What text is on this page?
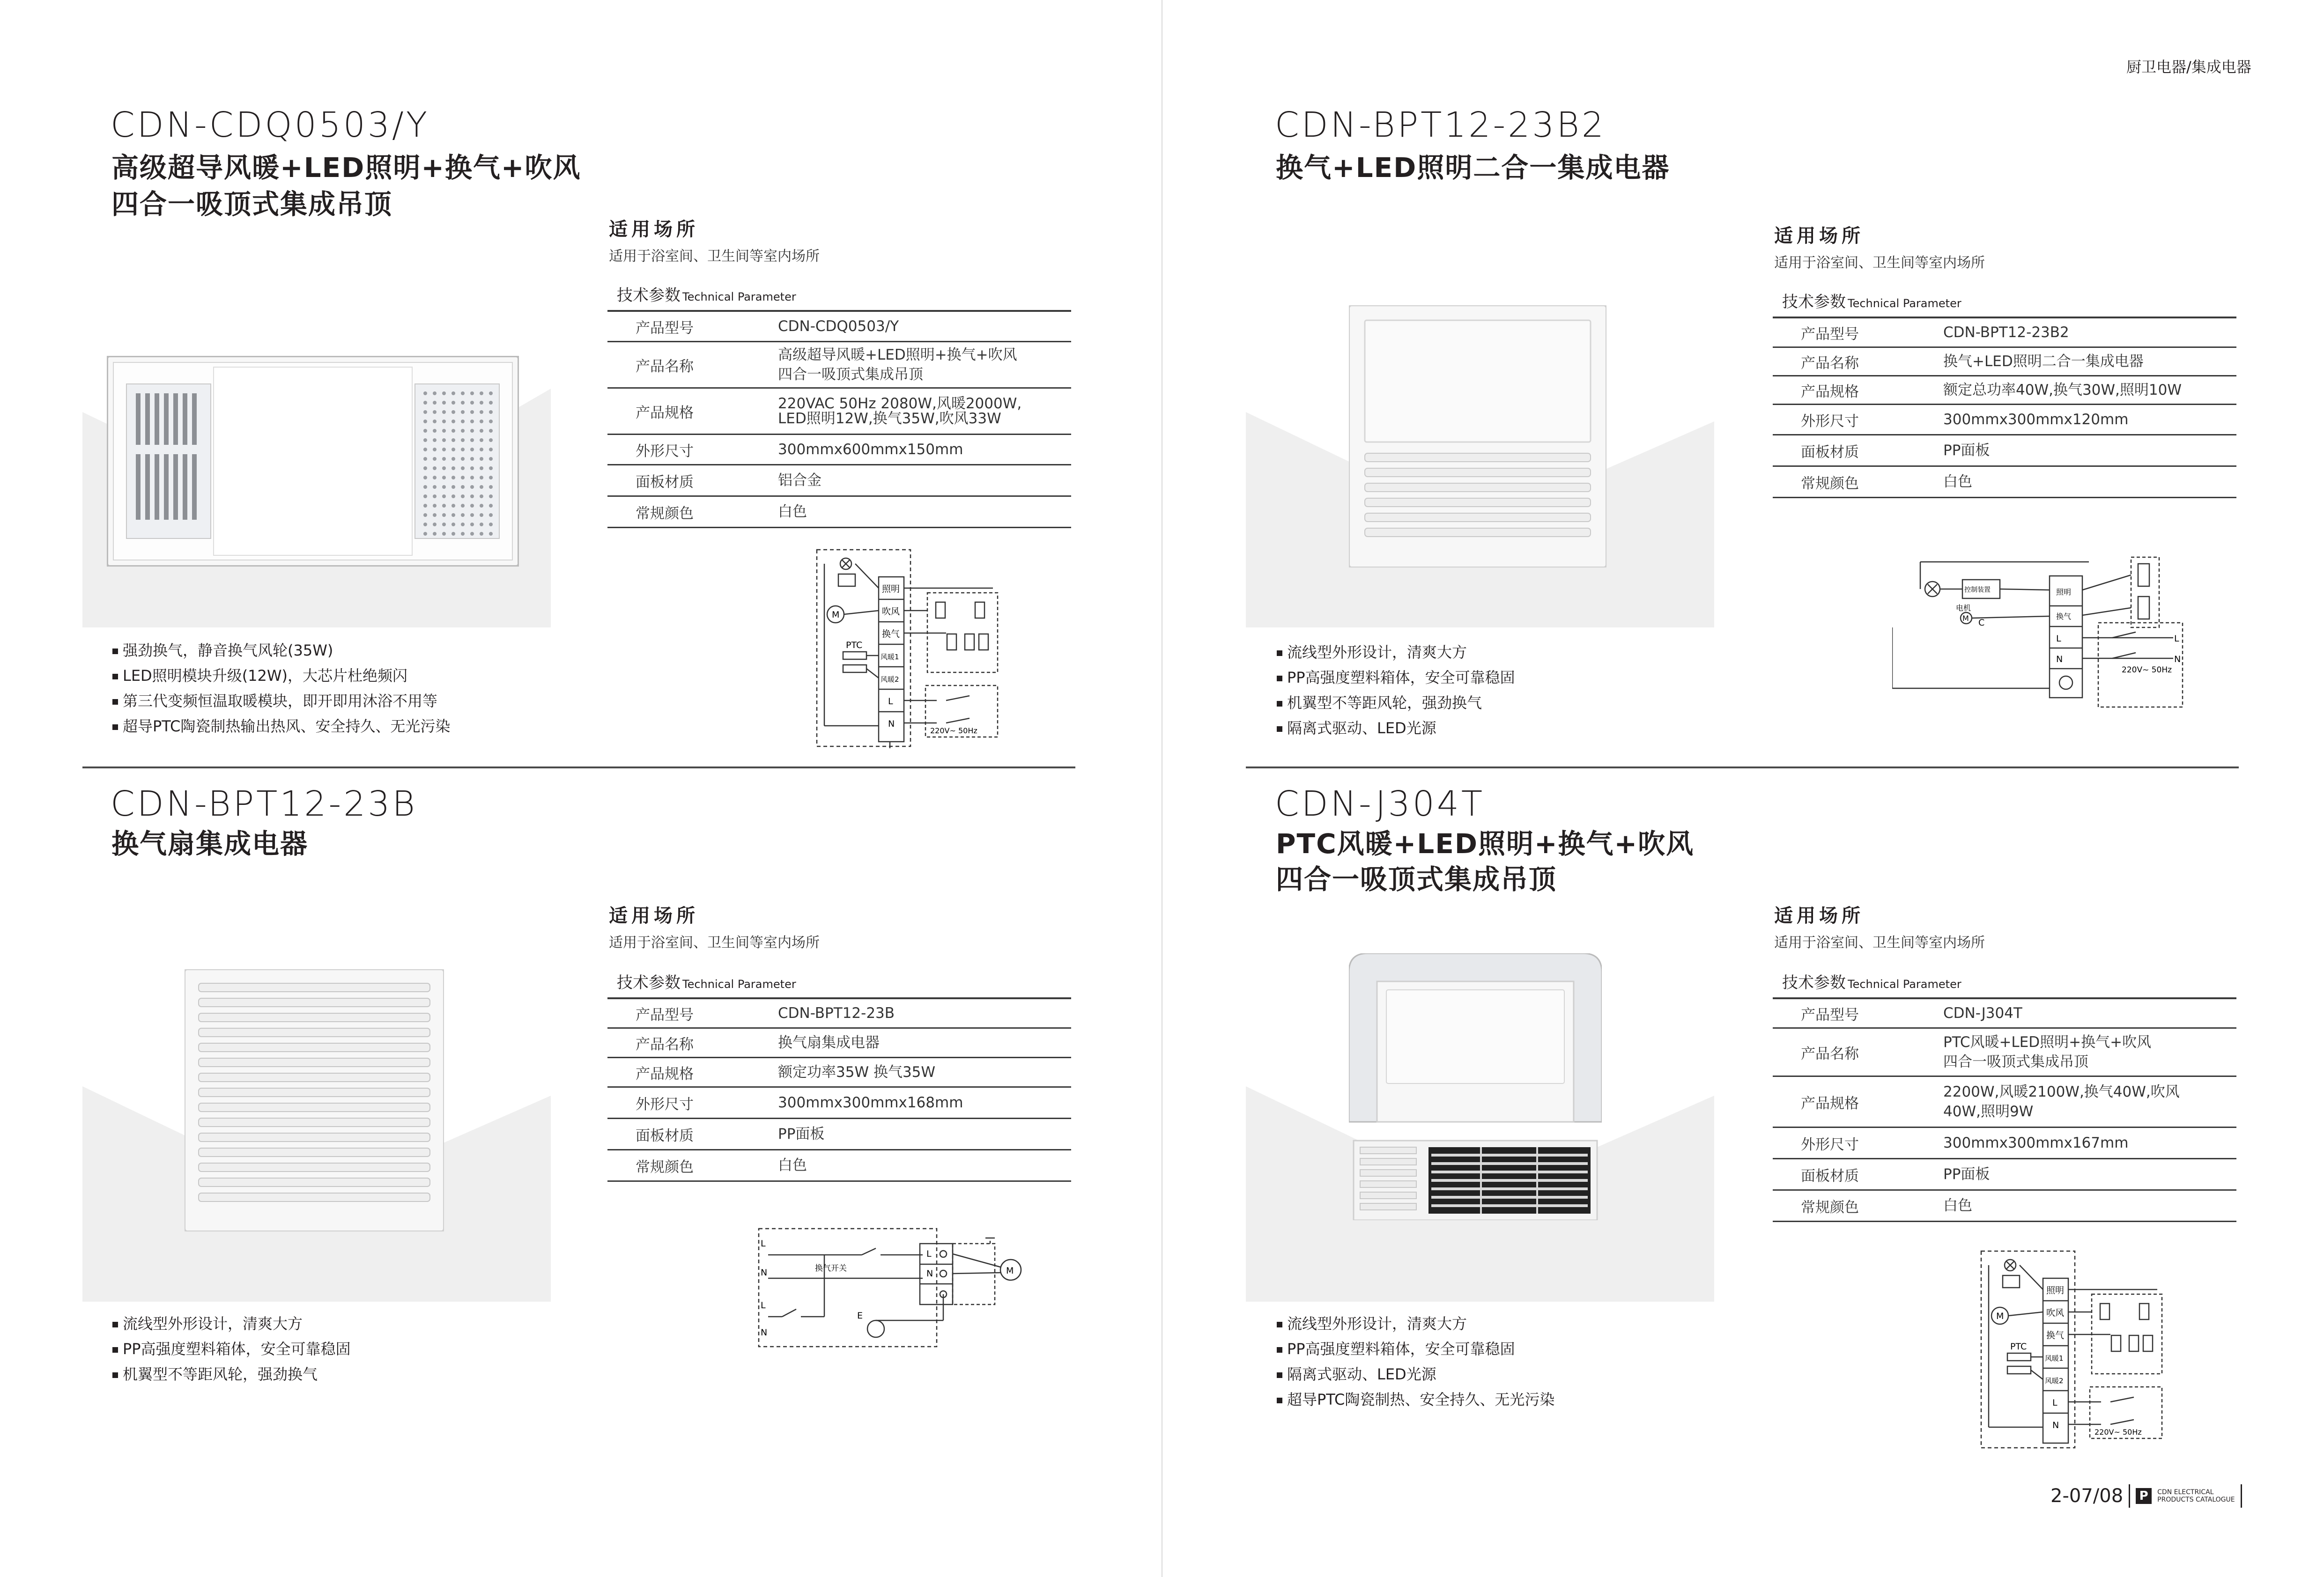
厨卫电器/集成电器
2-07/08 P	CDN ELECTRICAL
PRODUCTS CATALOGUE
CDN-CDQ0503/Y
高级超导风暖+LED照明+换气+吹风
四合一吸顶式集成吊顶
适用场所
适用于浴室间、卫生间等室内场所
技术参数 Technical Parameter
产品型号	CDN-CDQ0503/Y
产品名称
高级超导风暖+LED照明+换气+吹风
四合一吸顶式集成吊顶
产品规格
220VAC 50Hz 2080W,风暖2000W,
LED照明12W,换气35W,吹风33W
外形尺寸	300mmx600mmx150mm
面板材质	铝合金
常规颜色	白色
强劲换气，静音换气风轮(35W)
LED照明模块升级(12W)，大芯片杜绝频闪
第三代变频恒温取暖模块，即开即用沐浴不用等
超导PTC陶瓷制热输出热风、安全持久、无光污染
照明
吹风
换气
风暖1
风暖2
L
N
M
PTC
220V~ 50Hz
CDN-BPT12-23B2
换气+LED照明二合一集成电器
适用场所
适用于浴室间、卫生间等室内场所
技术参数 Technical Parameter
产品型号	CDN-BPT12-23B2
产品名称	换气+LED照明二合一集成电器
产品规格	额定总功率40W,换气30W,照明10W
外形尺寸	300mmx300mmx120mm
面板材质	PP面板
常规颜色	白色
流线型外形设计，清爽大方
PP高强度塑料箱体，安全可靠稳固
机翼型不等距风轮，强劲换气
隔离式驱动、LED光源
控制装置	照明
换气
电机
M C
L
N
L
N
220V~ 50Hz
CDN-BPT12-23B
换气扇集成电器
适用场所
适用于浴室间、卫生间等室内场所
技术参数 Technical Parameter
产品型号	CDN-BPT12-23B
产品名称	换气扇集成电器
产品规格	额定功率35W 换气35W
外形尺寸	300mmx300mmx168mm
面板材质	PP面板
常规颜色	白色
流线型外形设计，清爽大方
PP高强度塑料箱体，安全可靠稳固
机翼型不等距风轮，强劲换气
L
N
L
N
换气开关
E
L
N	M
CDN-J304T
PTC风暖+LED照明+换气+吹风
四合一吸顶式集成吊顶
适用场所
适用于浴室间、卫生间等室内场所
技术参数 Technical Parameter
产品型号	CDN-J304T
产品名称
PTC风暖+LED照明+换气+吹风
四合一吸顶式集成吊顶
产品规格
2200W,风暖2100W,换气40W,吹风
40W,照明9W
外形尺寸	300mmx300mmx167mm
面板材质	PP面板
常规颜色	白色
流线型外形设计，清爽大方
PP高强度塑料箱体，安全可靠稳固
隔离式驱动、LED光源
超导PTC陶瓷制热、安全持久、无光污染
照明
吹风
换气
风暖1
风暖2
L
N
M
PTC
220V~ 50Hz
